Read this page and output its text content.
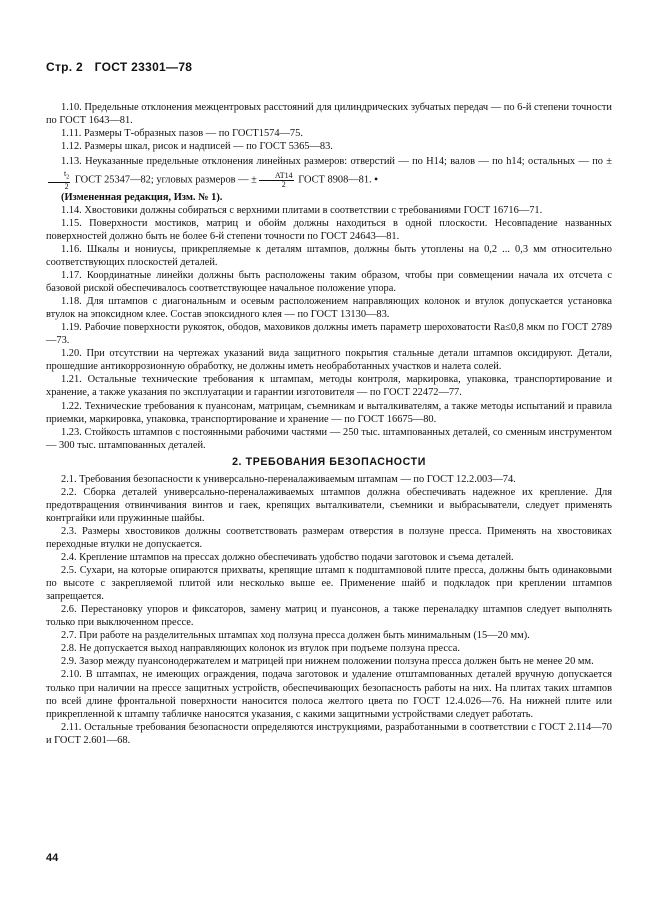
Стр. 2 ГОСТ 23301—78

1.10. Предельные отклонения межцентровых расстояний для цилиндрических зубчатых передач — по 6-й степени точности по ГОСТ 1643—81.

1.11. Размеры Т-образных пазов — по ГОСТ1574—75.

1.12. Размеры шкал, рисок и надписей — по ГОСТ 5365—83.

1.13. Неуказанные предельные отклонения линейных размеров: отверстий — по Н14; валов — по h14; остальных — по ±
$\frac{t_2}{2}$ ГОСТ 25347—82; угловых размеров — ± $\frac{AT14}{2}$ ГОСТ 8908—81. •

(Измененная редакция, Изм. № 1).

1.14. Хвостовики должны собираться с верхними плитами в соответствии с требованиями ГОСТ 16716—71.

1.15. Поверхности мостиков, матриц и обойм должны находиться в одной плоскости. Несовпадение названных поверхностей должно быть не более 6-й степени точности по ГОСТ 24643—81.

1.16. Шкалы и нониусы, прикрепляемые к деталям штампов, должны быть утоплены на 0,2 ... 0,3 мм относительно соответствующих плоскостей деталей.

1.17. Координатные линейки должны быть расположены таким образом, чтобы при совмещении начала их отсчета с базовой риской обеспечивалось соответствующее начальное положение упора.

1.18. Для штампов с диагональным и осевым расположением направляющих колонок и втулок допускается установка втулок на эпоксидном клее. Состав эпоксидного клея — по ГОСТ 13130—83.

1.19. Рабочие поверхности рукояток, ободов, маховиков должны иметь параметр шероховатости Ra≤0,8 мкм по ГОСТ 2789—73.

1.20. При отсутствии на чертежах указаний вида защитного покрытия стальные детали штампов оксидируют. Детали, прошедшие антикоррозионную обработку, не должны иметь необработанных участков и налета солей.

1.21. Остальные технические требования к штампам, методы контроля, маркировка, упаковка, транспортирование и хранение, а также указания по эксплуатации и гарантии изготовителя — по ГОСТ 22472—77.

1.22. Технические требования к пуансонам, матрицам, съемникам и выталкивателям, а также методы испытаний и правила приемки, маркировка, упаковка, транспортирование и хранение — по ГОСТ 16675—80.

1.23. Стойкость штампов с постоянными рабочими частями — 250 тыс. штампованных деталей, со сменным инструментом — 300 тыс. штампованных деталей.

2. ТРЕБОВАНИЯ БЕЗОПАСНОСТИ

2.1. Требования безопасности к универсально-переналаживаемым штампам — по ГОСТ 12.2.003—74.

2.2. Сборка деталей универсально-переналаживаемых штампов должна обеспечивать надежное их крепление. Для предотвращения отвинчивания винтов и гаек, крепящих выталкиватели, съемники и выбрасыватели, следует применять контргайки или пружинные шайбы.

2.3. Размеры хвостовиков должны соответствовать размерам отверстия в ползуне пресса. Применять на хвостовиках переходные втулки не допускается.

2.4. Крепление штампов на прессах должно обеспечивать удобство подачи заготовок и съема деталей.

2.5. Сухари, на которые опираются прихваты, крепящие штамп к подштамповой плите пресса, должны быть одинаковыми по высоте с закрепляемой плитой или несколько выше ее. Применение шайб и подкладок при креплении штампов запрещается.

2.6. Перестановку упоров и фиксаторов, замену матриц и пуансонов, а также переналадку штампов следует выполнять только при выключенном прессе.

2.7. При работе на разделительных штампах ход ползуна пресса должен быть минимальным (15—20 мм).

2.8. Не допускается выход направляющих колонок из втулок при подъеме ползуна пресса.

2.9. Зазор между пуансонодержателем и матрицей при нижнем положении ползуна пресса должен быть не менее 20 мм.

2.10. В штампах, не имеющих ограждения, подача заготовок и удаление отштампованных деталей вручную допускается только при наличии на прессе защитных устройств, обеспечивающих безопасность работы на них. На плитах таких штампов по всей длине фронтальной поверхности наносится полоса желтого цвета по ГОСТ 12.4.026—76. На нижней плите или прикрепленной к штампу табличке наносятся указания, с какими защитными устройствами следует работать.

2.11. Остальные требования безопасности определяются инструкциями, разработанными в соответствии с ГОСТ 2.114—70 и ГОСТ 2.601—68.

44
